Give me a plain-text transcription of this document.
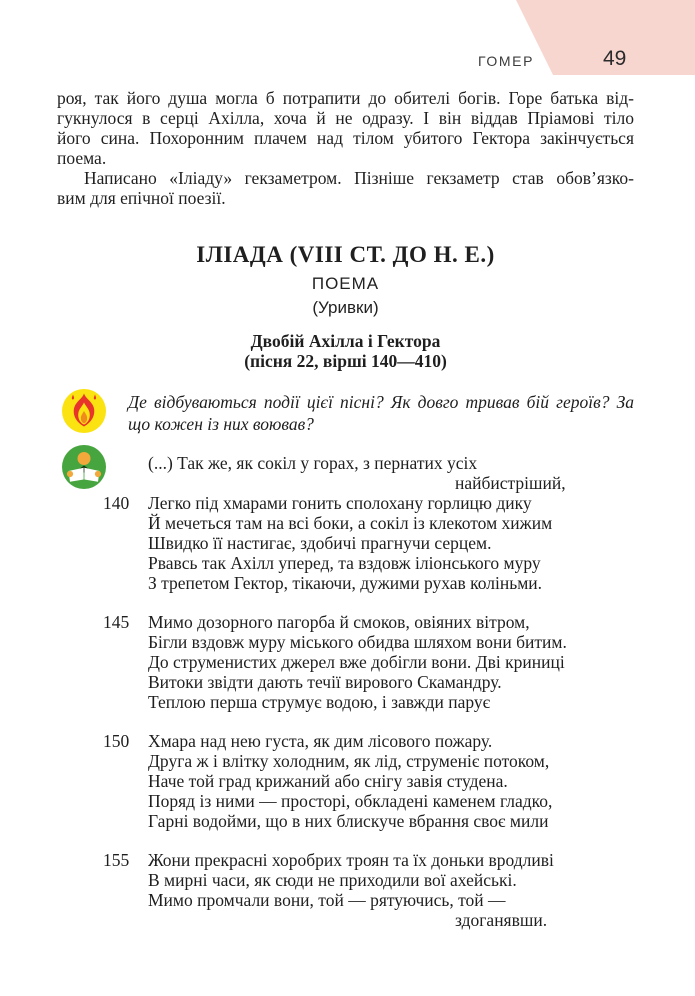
ГОМЕР	49
роя, так його душа могла б потрапити до обителі богів. Горе батька від-
гукнулося в серці Ахілла, хоча й не одразу. І він віддав Пріамові тіло
його сина. Похоронним плачем над тілом убитого Гектора закінчується
поема.
Написано «Іліаду» гекзаметром. Пізніше гекзаметр став обов’язко-
вим для епічної поезії.
ІЛІАДА (VIII СТ. ДО Н. Е.)
ПОЕМА
(Уривки)
Двобій Ахілла і Гектора
(пісня 22, вірші 140—410)
Де відбуваються події цієї пісні? Як довго тривав бій героїв? За
що кожен із них воював?
(...) Так же, як сокіл у горах, з пернатих усіх
найбистріший,
140 Легко під хмарами гонить сполохану горлицю дику
Й мечеться там на всі боки, а сокіл із клекотом хижим
Швидко її настигає, здобичі прагнучи серцем.
Рвавсь так Ахілл уперед, та вздовж іліонського муру
З трепетом Гектор, тікаючи, дужими рухав коліньми.
145 Мимо дозорного пагорба й смоков, овіяних вітром,
Бігли вздовж муру міського обидва шляхом вони битим.
До струменистих джерел вже добігли вони. Дві криниці
Витоки звідти дають течії вирового Скамандру.
Теплою перша струмує водою, і завжди парує
150 Хмара над нею густа, як дим лісового пожару.
Друга ж і влітку холодним, як лід, струменіє потоком,
Наче той град крижаний або снігу завія студена.
Поряд із ними — просторі, обкладені каменем гладко,
Гарні водойми, що в них блискуче вбрання своє мили
155 Жони прекрасні хоробрих троян та їх доньки вродливі
В мирні часи, як сюди не приходили вої ахейські.
Мимо промчали вони, той — рятуючись, той —
здоганявши.
